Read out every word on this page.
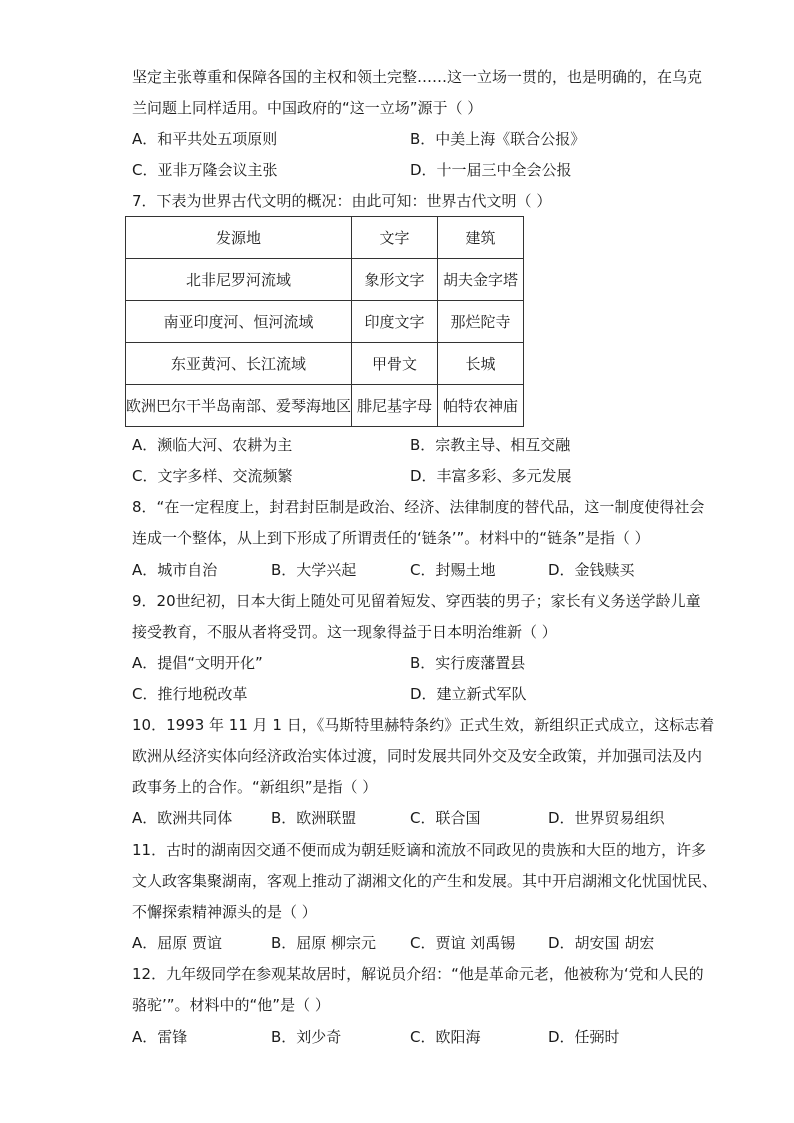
坚定主张尊重和保障各国的主权和领土完整……这一立场一贯的，也是明确的，在乌克
兰问题上同样适用。中国政府的“这一立场”源于（ ）
A．和平共处五项原则	B．中美上海《联合公报》
C．亚非万隆会议主张	D．十一届三中全会公报
7．下表为世界古代文明的概况：由此可知：世界古代文明（ ）
发源地	文字	建筑
北非尼罗河流域	象形文字	胡夫金字塔
南亚印度河、恒河流域	印度文字	那烂陀寺
东亚黄河、长江流域	甲骨文	长城
欧洲巴尔干半岛南部、爱琴海地区	腓尼基字母	帕特农神庙
A．濒临大河、农耕为主	B．宗教主导、相互交融
C．文字多样、交流频繁	D．丰富多彩、多元发展
8．“在一定程度上，封君封臣制是政治、经济、法律制度的替代品，这一制度使得社会
连成一个整体，从上到下形成了所谓责任的‘链条’”。材料中的“链条”是指（ ）
A．城市自治	B．大学兴起	C．封赐土地	D．金钱赎买
9．20世纪初，日本大街上随处可见留着短发、穿西装的男子；家长有义务送学龄儿童
接受教育，不服从者将受罚。这一现象得益于日本明治维新（ ）
A．提倡“文明开化”	B．实行废藩置县
C．推行地税改革	D．建立新式军队
10．1993 年 11 月 1 日，《马斯特里赫特条约》正式生效，新组织正式成立，这标志着
欧洲从经济实体向经济政治实体过渡，同时发展共同外交及安全政策，并加强司法及内
政事务上的合作。“新组织”是指（ ）
A．欧洲共同体	B．欧洲联盟	C．联合国	D．世界贸易组织
11．古时的湖南因交通不便而成为朝廷贬谪和流放不同政见的贵族和大臣的地方，许多
文人政客集聚湖南，客观上推动了湖湘文化的产生和发展。其中开启湖湘文化忧国忧民、
不懈探索精神源头的是（ ）
A．屈原 贾谊	B．屈原 柳宗元 C．贾谊 刘禹锡 D．胡安国 胡宏
12．九年级同学在参观某故居时，解说员介绍：“他是革命元老，他被称为‘党和人民的
骆驼’”。材料中的“他”是（ ）
A．雷锋	B．刘少奇	C．欧阳海	D．任弼时
